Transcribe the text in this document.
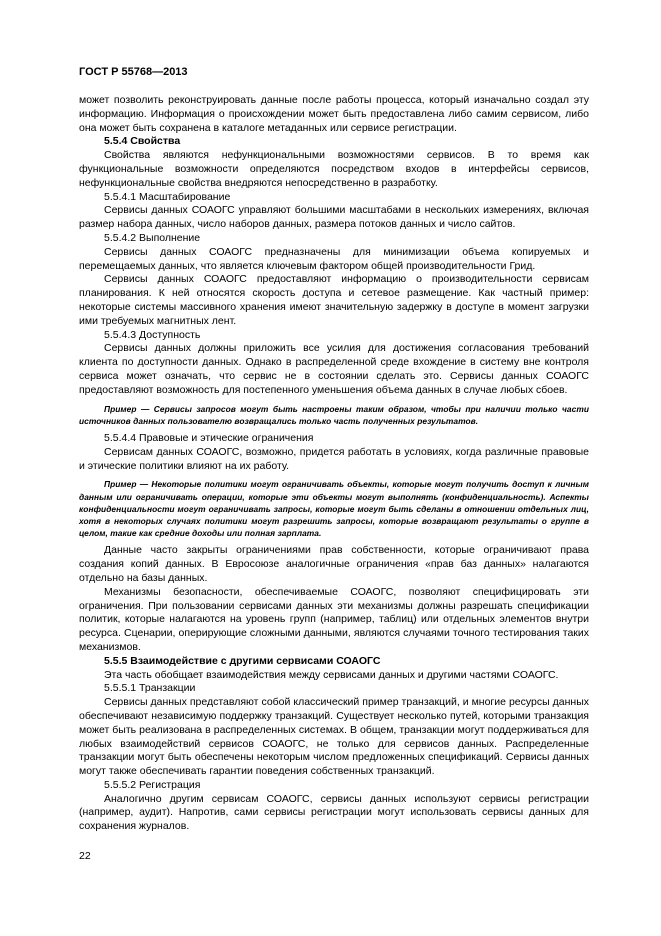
ГОСТ Р 55768—2013

может позволить реконструировать данные после работы процесса, который изначально создал эту информацию. Информация о происхождении может быть предоставлена либо самим сервисом, либо она может быть сохранена в каталоге метаданных или сервисе регистрации.

5.5.4 Свойства

Свойства являются нефункциональными возможностями сервисов. В то время как функциональные возможности определяются посредством входов в интерфейсы сервисов, нефункциональные свойства внедряются непосредственно в разработку.

5.5.4.1 Масштабирование

Сервисы данных СОАОГС управляют большими масштабами в нескольких измерениях, включая размер набора данных, число наборов данных, размера потоков данных и число сайтов.

5.5.4.2 Выполнение

Сервисы данных СОАОГС предназначены для минимизации объема копируемых и перемещаемых данных, что является ключевым фактором общей производительности Грид.

Сервисы данных СОАОГС предоставляют информацию о производительности сервисам планирования. К ней относятся скорость доступа и сетевое размещение. Как частный пример: некоторые системы массивного хранения имеют значительную задержку в доступе в момент загрузки ими требуемых магнитных лент.

5.5.4.3 Доступность

Сервисы данных должны приложить все усилия для достижения согласования требований клиента по доступности данных. Однако в распределенной среде вхождение в систему вне контроля сервиса может означать, что сервис не в состоянии сделать это. Сервисы данных СОАОГС предоставляют возможность для постепенного уменьшения объема данных в случае любых сбоев.

Пример — Сервисы запросов могут быть настроены таким образом, чтобы при наличии только части источников данных пользователю возвращались только часть полученных результатов.

5.5.4.4 Правовые и этические ограничения

Сервисам данных СОАОГС, возможно, придется работать в условиях, когда различные правовые и этические политики влияют на их работу.

Пример — Некоторые политики могут ограничивать объекты, которые могут получить доступ к личным данным или ограничивать операции, которые эти объекты могут выполнять (конфиденциальность). Аспекты конфиденциальности могут ограничивать запросы, которые могут быть сделаны в отношении отдельных лиц, хотя в некоторых случаях политики могут разрешить запросы, которые возвращают результаты о группе в целом, такие как средние доходы или полная зарплата.

Данные часто закрыты ограничениями прав собственности, которые ограничивают права создания копий данных. В Евросоюзе аналогичные ограничения «прав баз данных» налагаются отдельно на базы данных.

Механизмы безопасности, обеспечиваемые СОАОГС, позволяют специфицировать эти ограничения. При пользовании сервисами данных эти механизмы должны разрешать спецификации политик, которые налагаются на уровень групп (например, таблиц) или отдельных элементов внутри ресурса. Сценарии, оперирующие сложными данными, являются случаями точного тестирования таких механизмов.

5.5.5 Взаимодействие с другими сервисами СОАОГС

Эта часть обобщает взаимодействия между сервисами данных и другими частями СОАОГС.

5.5.5.1 Транзакции

Сервисы данных представляют собой классический пример транзакций, и многие ресурсы данных обеспечивают независимую поддержку транзакций. Существует несколько путей, которыми транзакция может быть реализована в распределенных системах. В общем, транзакции могут поддерживаться для любых взаимодействий сервисов СОАОГС, не только для сервисов данных. Распределенные транзакции могут быть обеспечены некоторым числом предложенных спецификаций. Сервисы данных могут также обеспечивать гарантии поведения собственных транзакций.

5.5.5.2 Регистрация

Аналогично другим сервисам СОАОГС, сервисы данных используют сервисы регистрации (например, аудит). Напротив, сами сервисы регистрации могут использовать сервисы данных для сохранения журналов.

22
